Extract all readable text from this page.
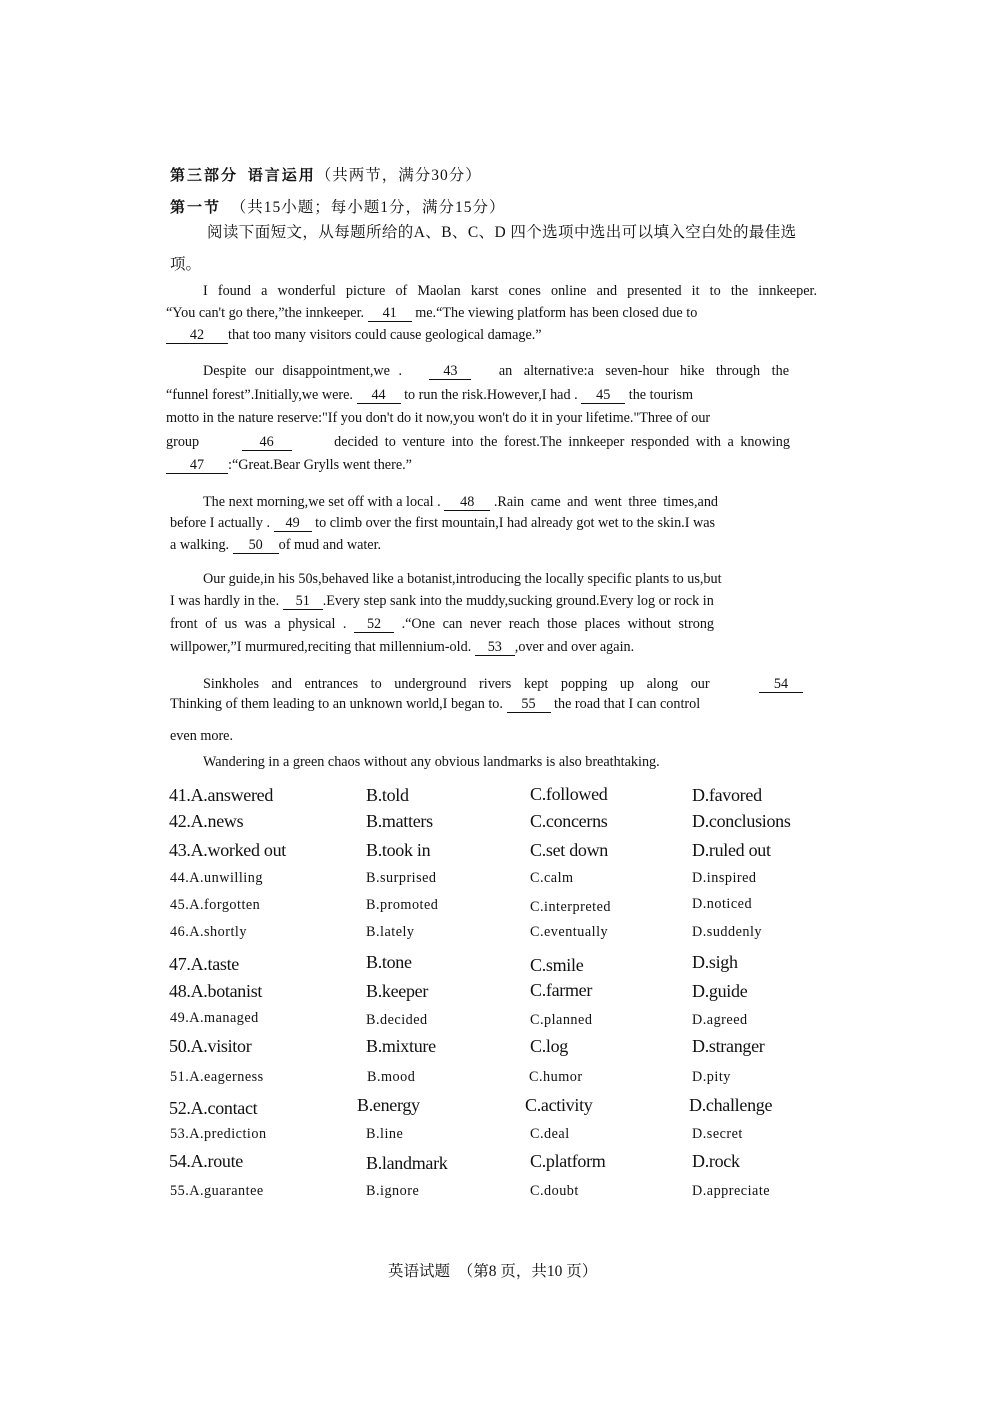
第三部分 语言运用（共两节，满分30分）
第一节 （共15小题；每小题1分，满分15分）
阅读下面短文，从每题所给的A、B、C、D 四个选项中选出可以填入空白处的最佳选
项。
I found a wonderful picture of Maolan karst cones online and presented it to the innkeeper.
“You can't go there,”the innkeeper. 41 me.“The viewing platform has been closed due to
42 that too many visitors could cause geological damage.”
Despite our disappointment,we .	43	an alternative:a seven-hour hike through the
“funnel forest”.Initially,we were. 44 to run the risk.However,I had . 45 the tourism
motto in the nature reserve:"If you don't do it now,you won't do it in your lifetime."Three of our
group	46	decided to venture into the forest.The innkeeper responded with a knowing
47 :“Great.Bear Grylls went there.”
The next morning,we set off with a local . 48 .Rain came and went three times,and
before I actually . 49 to climb over the first mountain,I had already got wet to the skin.I was
a walking. 50 of mud and water.
Our guide,in his 50s,behaved like a botanist,introducing the locally specific plants to us,but
I was hardly in the. 51 .Every step sank into the muddy,sucking ground.Every log or rock in
front of us was a physical . 52 .“One can never reach those places without strong
willpower,”I murmured,reciting that millennium-old. 53 ,over and over again.
Sinkholes and entrances to underground rivers kept popping up along our	54
Thinking of them leading to an unknown world,I began to. 55 the road that I can control
even more.
Wandering in a green chaos without any obvious landmarks is also breathtaking.
41.A.answered	B.told	C.followed	D.favored
42.A.news	B.matters	C.concerns	D.conclusions
43.A.worked out	B.took in	C.set down	D.ruled out
44.A.unwilling	B.surprised	C.calm	D.inspired
45.A.forgotten	B.promoted	C.interpreted	D.noticed
46.A.shortly	B.lately	C.eventually	D.suddenly
47.A.taste	B.tone	C.smile	D.sigh
48.A.botanist	B.keeper	C.farmer	D.guide
49.A.managed	B.decided	C.planned	D.agreed
50.A.visitor	B.mixture	C.log	D.stranger
51.A.eagerness	B.mood	C.humor	D.pity
52.A.contact	B.energy	C.activity	D.challenge
53.A.prediction	B.line	C.deal	D.secret
54.A.route	B.landmark	C.platform	D.rock
55.A.guarantee	B.ignore	C.doubt	D.appreciate
英语试题 （第8 页，共10 页）
